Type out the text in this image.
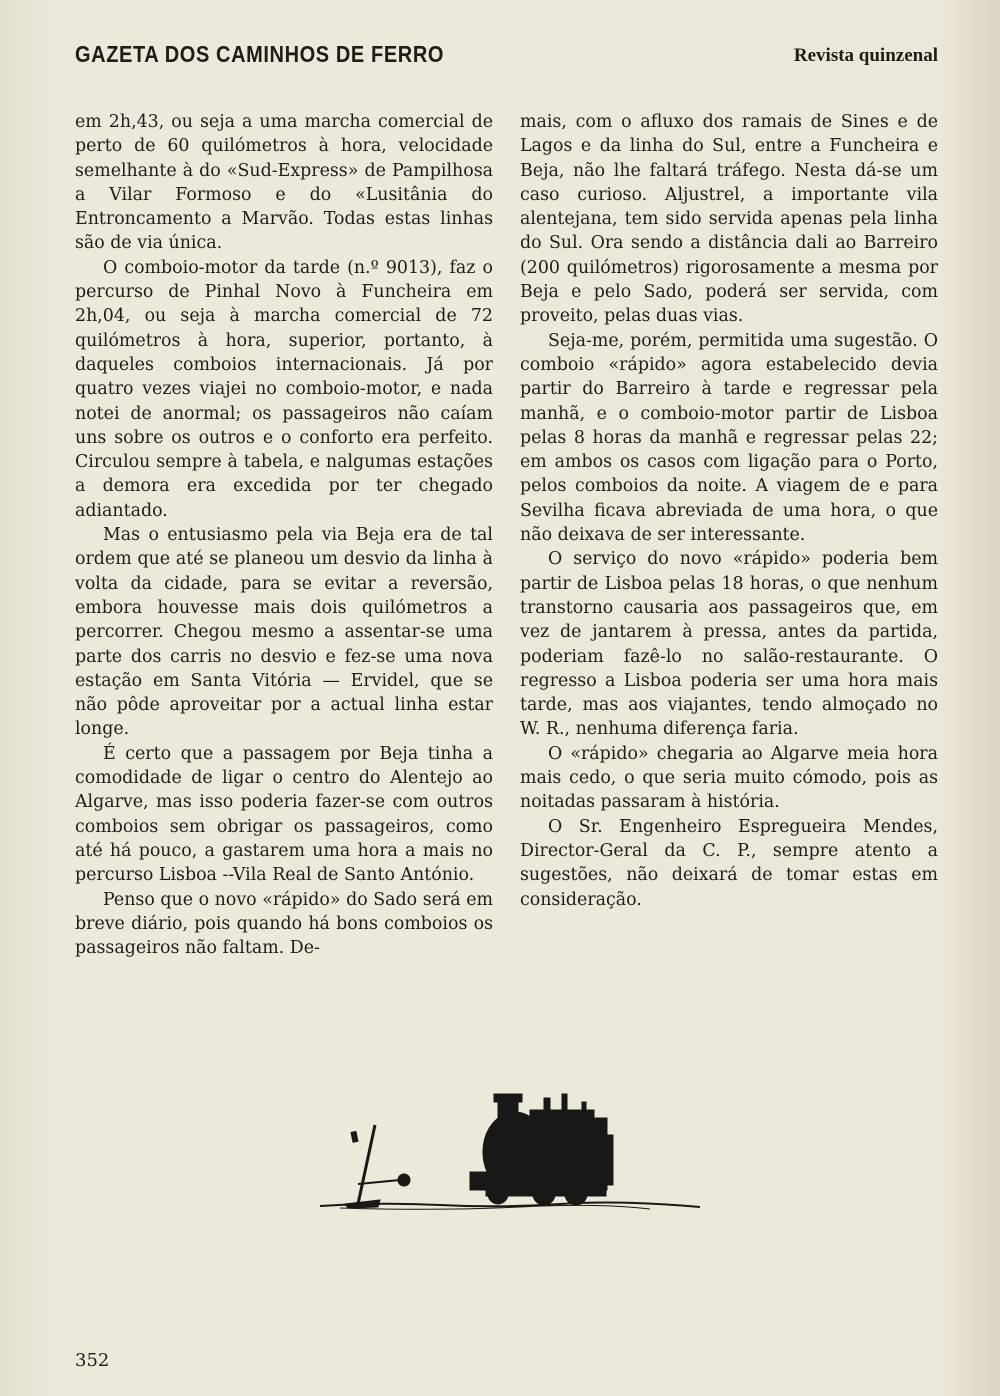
GAZETA DOS CAMINHOS DE FERRO	Revista quinzenal

em 2h,43, ou seja a uma marcha comercial de perto de 60 quilómetros à hora, velocidade semelhante à do «Sud-Express» de Pampilhosa a Vilar Formoso e do «Lusitânia do Entroncamento a Marvão. Todas estas linhas são de via única.

O comboio-motor da tarde (n.º 9013), faz o percurso de Pinhal Novo à Funcheira em 2h,04, ou seja à marcha comercial de 72 quilómetros à hora, superior, portanto, à daqueles comboios internacionais. Já por quatro vezes viajei no comboio-motor, e nada notei de anormal; os passageiros não caíam uns sobre os outros e o conforto era perfeito. Circulou sempre à tabela, e nalgumas estações a demora era excedida por ter chegado adiantado.

Mas o entusiasmo pela via Beja era de tal ordem que até se planeou um desvio da linha à volta da cidade, para se evitar a reversão, embora houvesse mais dois quilómetros a percorrer. Chegou mesmo a assentar-se uma parte dos carris no desvio e fez-se uma nova estação em Santa Vitória — Ervidel, que se não pôde aproveitar por a actual linha estar longe.

É certo que a passagem por Beja tinha a comodidade de ligar o centro do Alentejo ao Algarve, mas isso poderia fazer-se com outros comboios sem obrigar os passageiros, como até há pouco, a gastarem uma hora a mais no percurso Lisboa --Vila Real de Santo António.

Penso que o novo «rápido» do Sado será em breve diário, pois quando há bons comboios os passageiros não faltam. De-

mais, com o afluxo dos ramais de Sines e de Lagos e da linha do Sul, entre a Funcheira e Beja, não lhe faltará tráfego. Nesta dá-se um caso curioso. Aljustrel, a importante vila alentejana, tem sido servida apenas pela linha do Sul. Ora sendo a distância dali ao Barreiro (200 quilómetros) rigorosamente a mesma por Beja e pelo Sado, poderá ser servida, com proveito, pelas duas vias.

Seja-me, porém, permitida uma sugestão. O comboio «rápido» agora estabelecido devia partir do Barreiro à tarde e regressar pela manhã, e o comboio-motor partir de Lisboa pelas 8 horas da manhã e regressar pelas 22; em ambos os casos com ligação para o Porto, pelos comboios da noite. A viagem de e para Sevilha ficava abreviada de uma hora, o que não deixava de ser interessante.

O serviço do novo «rápido» poderia bem partir de Lisboa pelas 18 horas, o que nenhum transtorno causaria aos passageiros que, em vez de jantarem à pressa, antes da partida, poderiam fazê-lo no salão-restaurante. O regresso a Lisboa poderia ser uma hora mais tarde, mas aos viajantes, tendo almoçado no W. R., nenhuma diferença faria.

O «rápido» chegaria ao Algarve meia hora mais cedo, o que seria muito cómodo, pois as noitadas passaram à história.

O Sr. Engenheiro Espregueira Mendes, Director-Geral da C. P., sempre atento a sugestões, não deixará de tomar estas em consideração.

352
